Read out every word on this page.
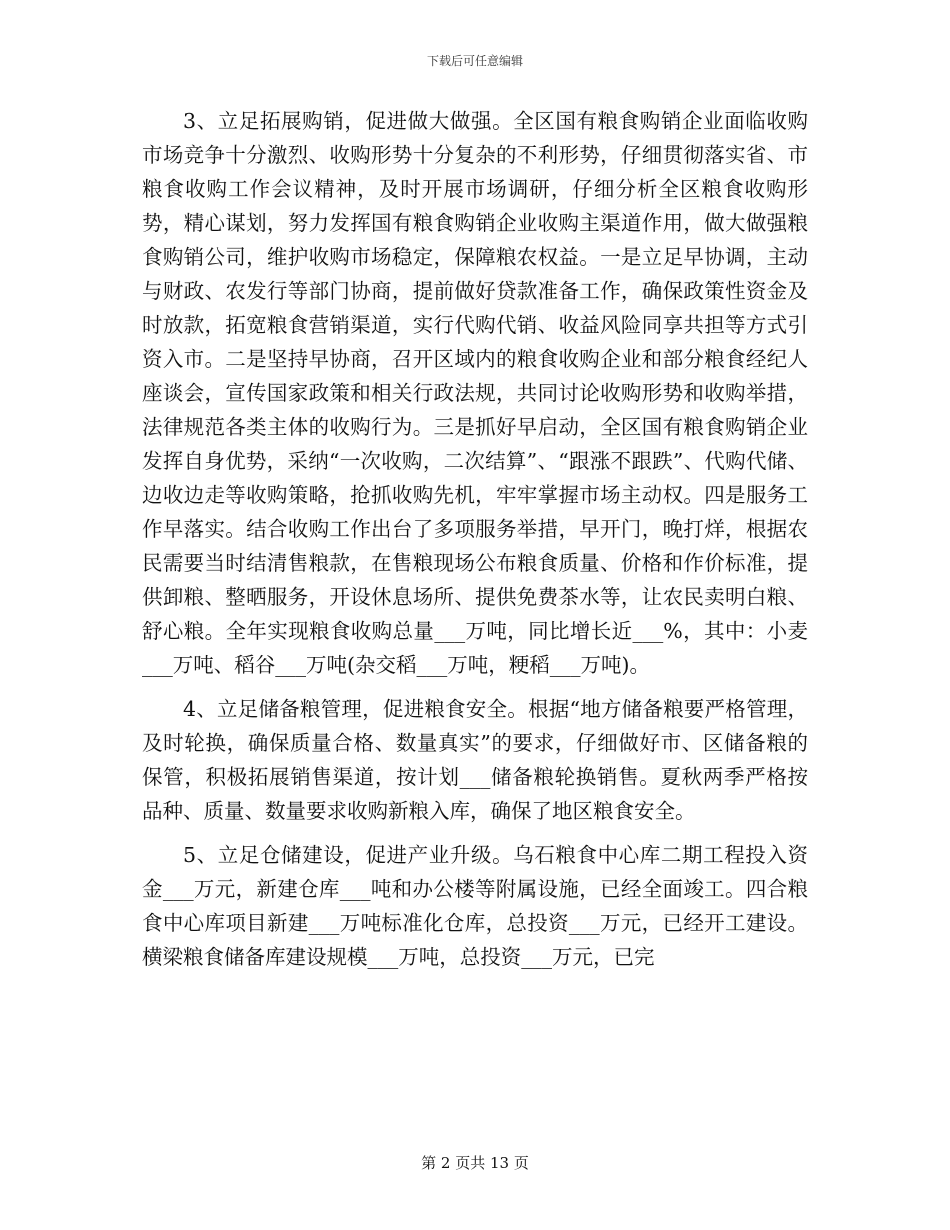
下载后可任意编辑

3、立足拓展购销，促进做大做强。全区国有粮食购销企业面临收购市场竞争十分激烈、收购形势十分复杂的不利形势，仔细贯彻落实省、市粮食收购工作会议精神，及时开展市场调研，仔细分析全区粮食收购形势，精心谋划，努力发挥国有粮食购销企业收购主渠道作用，做大做强粮食购销公司，维护收购市场稳定，保障粮农权益。一是立足早协调，主动与财政、农发行等部门协商，提前做好贷款准备工作，确保政策性资金及时放款，拓宽粮食营销渠道，实行代购代销、收益风险同享共担等方式引资入市。二是坚持早协商，召开区域内的粮食收购企业和部分粮食经纪人座谈会，宣传国家政策和相关行政法规，共同讨论收购形势和收购举措，法律规范各类主体的收购行为。三是抓好早启动，全区国有粮食购销企业发挥自身优势，采纳“一次收购，二次结算”、“跟涨不跟跌”、代购代储、边收边走等收购策略，抢抓收购先机，牢牢掌握市场主动权。四是服务工作早落实。结合收购工作出台了多项服务举措，早开门，晚打烊，根据农民需要当时结清售粮款，在售粮现场公布粮食质量、价格和作价标准，提供卸粮、整晒服务，开设休息场所、提供免费茶水等，让农民卖明白粮、舒心粮。全年实现粮食收购总量___万吨，同比增长近___%，其中：小麦___万吨、稻谷___万吨(杂交稻___万吨，粳稻___万吨)。

4、立足储备粮管理，促进粮食安全。根据“地方储备粮要严格管理，及时轮换，确保质量合格、数量真实”的要求，仔细做好市、区储备粮的保管，积极拓展销售渠道，按计划___储备粮轮换销售。夏秋两季严格按品种、质量、数量要求收购新粮入库，确保了地区粮食安全。

5、立足仓储建设，促进产业升级。乌石粮食中心库二期工程投入资金___万元，新建仓库___吨和办公楼等附属设施，已经全面竣工。四合粮食中心库项目新建___万吨标准化仓库，总投资___万元，已经开工建设。横梁粮食储备库建设规模___万吨，总投资___万元，已完

第 2 页共 13 页
